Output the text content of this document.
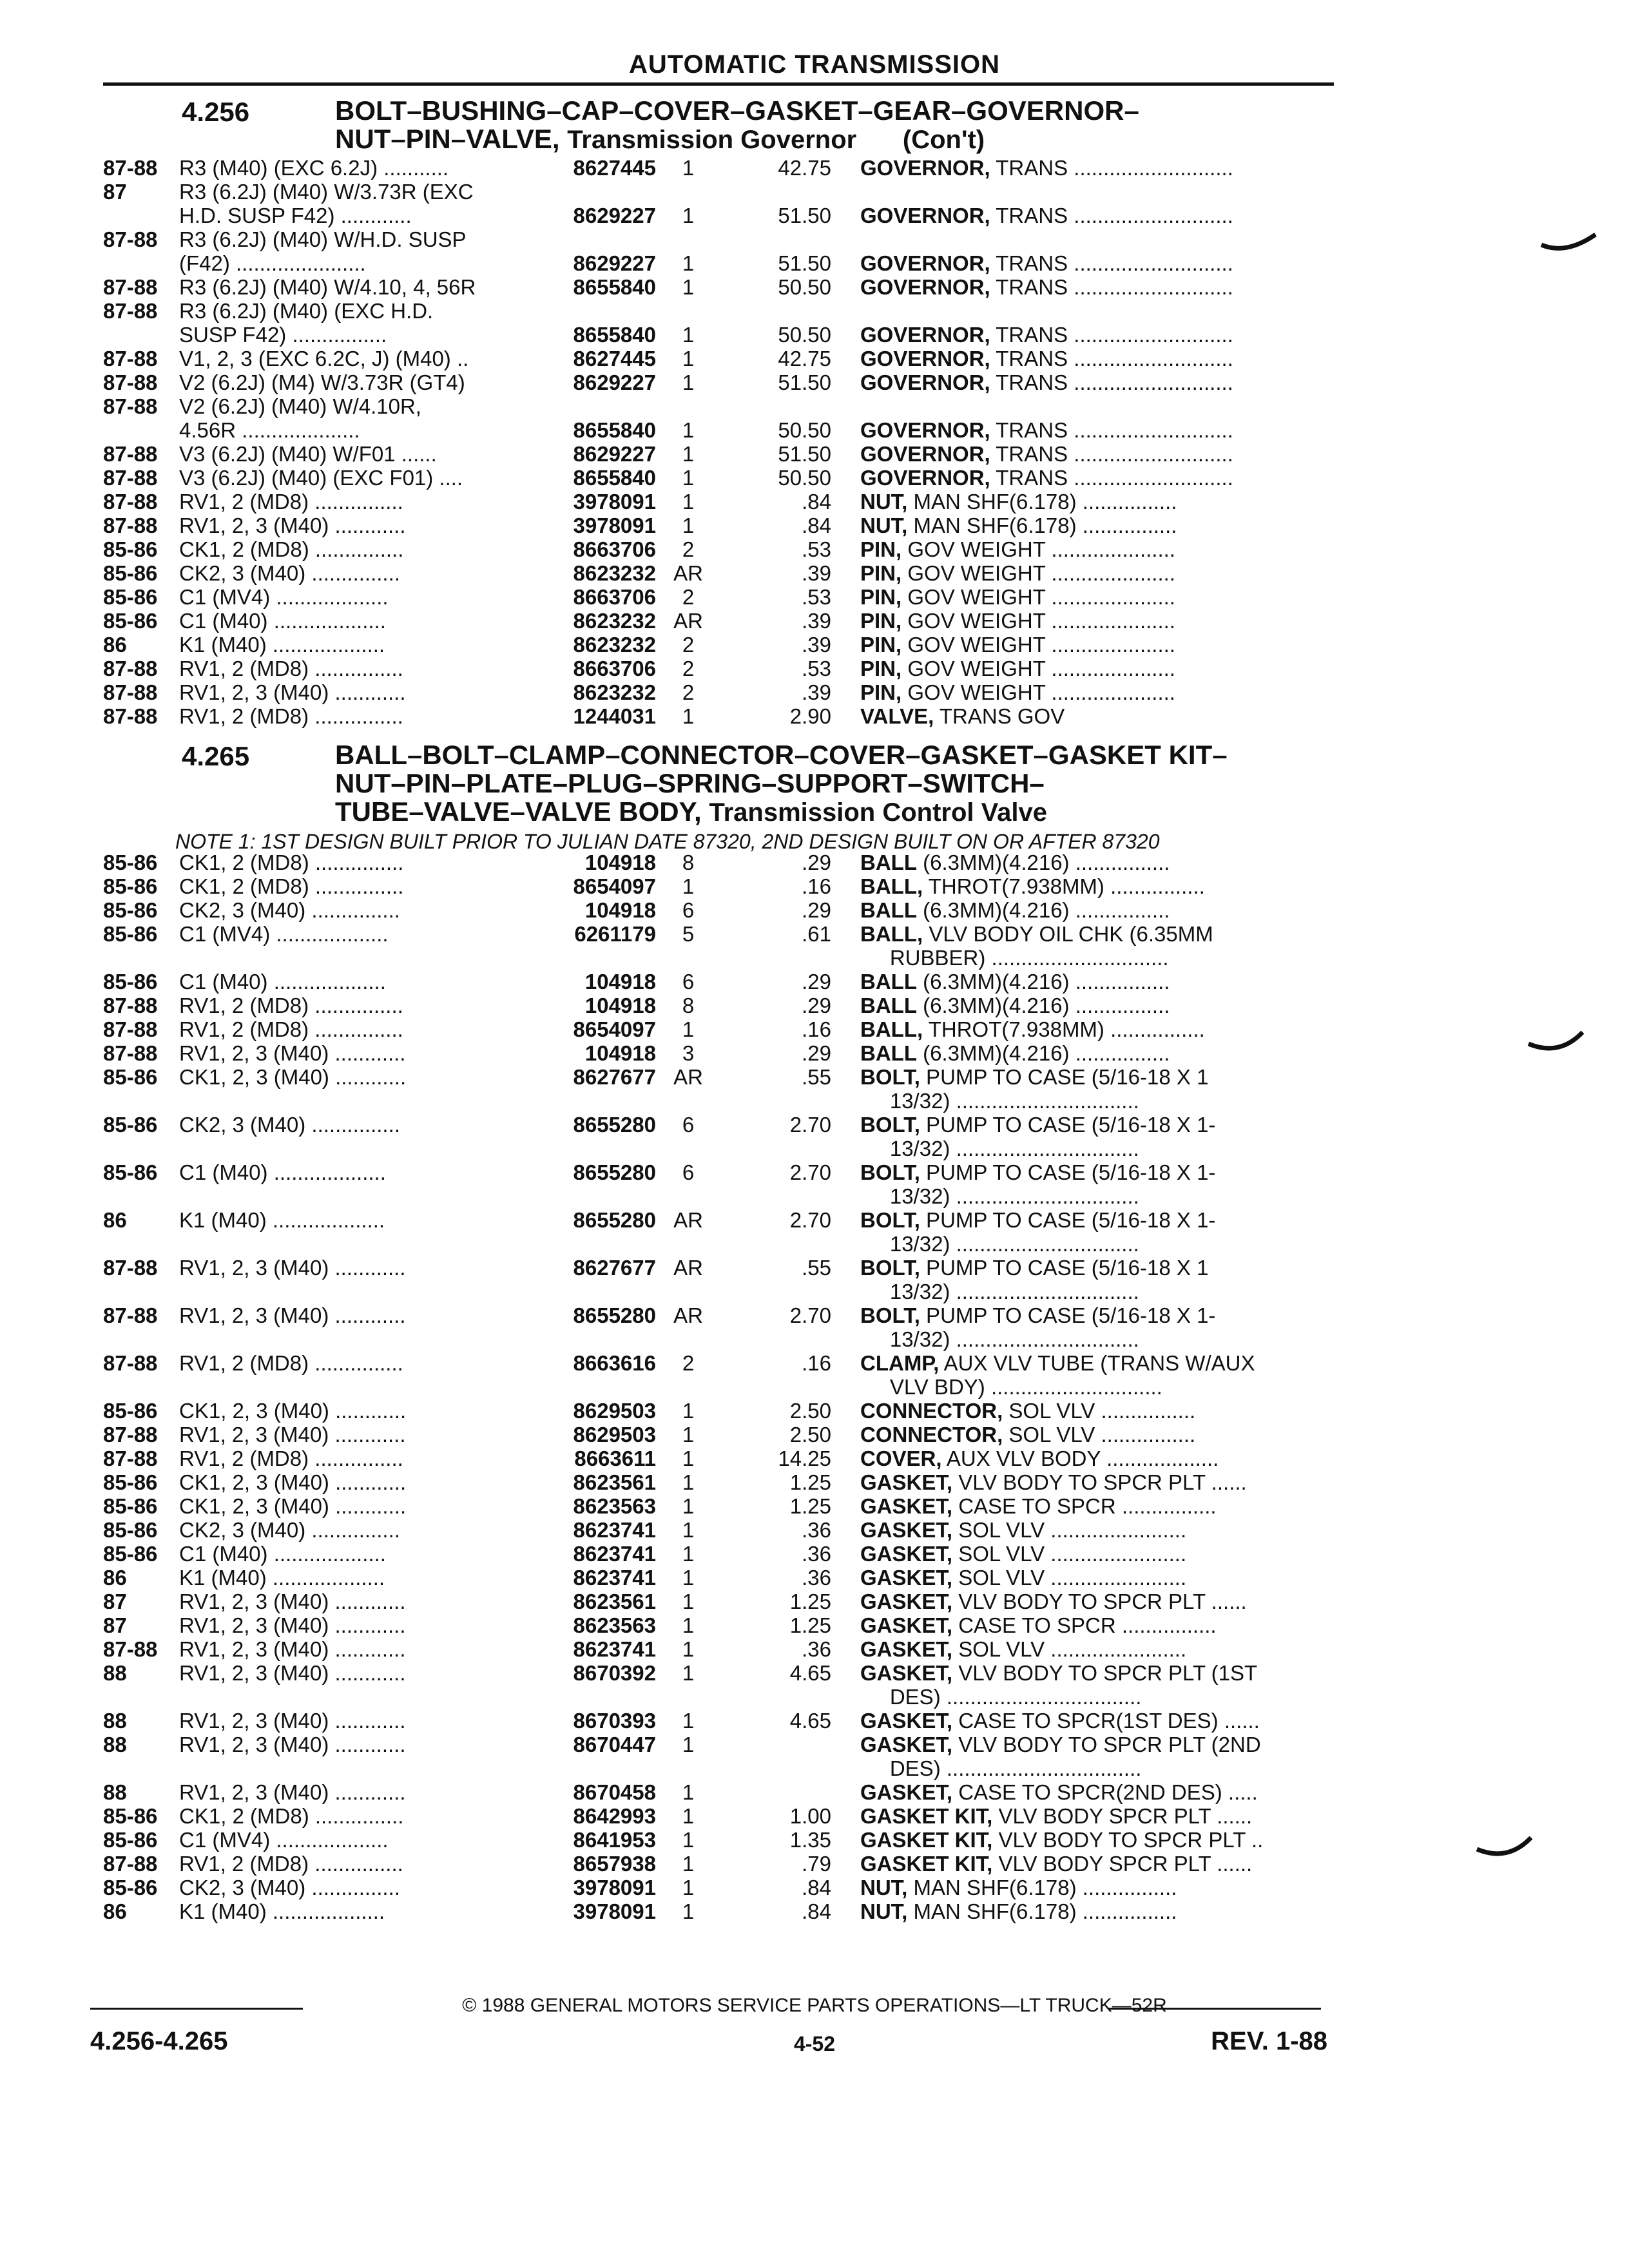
AUTOMATIC TRANSMISSION
4.256	BOLT–BUSHING–CAP–COVER–GASKET–GEAR–GOVERNOR–
NUT–PIN–VALVE, Transmission Governor (Con't)
87-88	R3 (M40) (EXC 6.2J) ...........	8627445	1	42.75 GOVERNOR, TRANS ...........................
87	R3 (6.2J) (M40) W/3.73R (EXC
H.D. SUSP F42) ............	8629227	1	51.50 GOVERNOR, TRANS ...........................
87-88	R3 (6.2J) (M40) W/H.D. SUSP
(F42) ......................	8629227	1	51.50 GOVERNOR, TRANS ...........................
87-88	R3 (6.2J) (M40) W/4.10, 4, 56R	8655840	1	50.50 GOVERNOR, TRANS ...........................
87-88	R3 (6.2J) (M40) (EXC H.D.
SUSP F42) ................	8655840	1	50.50 GOVERNOR, TRANS ...........................
87-88	V1, 2, 3 (EXC 6.2C, J) (M40) ..	8627445	1	42.75 GOVERNOR, TRANS ...........................
87-88	V2 (6.2J) (M4) W/3.73R (GT4)	8629227	1	51.50 GOVERNOR, TRANS ...........................
87-88	V2 (6.2J) (M40) W/4.10R,
4.56R ....................	8655840	1	50.50 GOVERNOR, TRANS ...........................
87-88	V3 (6.2J) (M40) W/F01 ......	8629227	1	51.50 GOVERNOR, TRANS ...........................
87-88	V3 (6.2J) (M40) (EXC F01) ....	8655840	1	50.50 GOVERNOR, TRANS ...........................
87-88	RV1, 2 (MD8) ...............	3978091	1	.84 NUT, MAN SHF(6.178) ................
87-88	RV1, 2, 3 (M40) ............	3978091	1	.84 NUT, MAN SHF(6.178) ................
85-86	CK1, 2 (MD8) ...............	8663706	2	.53 PIN, GOV WEIGHT .....................
85-86	CK2, 3 (M40) ...............	8623232 AR	.39 PIN, GOV WEIGHT .....................
85-86	C1 (MV4) ...................	8663706	2	.53 PIN, GOV WEIGHT .....................
85-86	C1 (M40) ...................	8623232 AR	.39 PIN, GOV WEIGHT .....................
86	K1 (M40) ...................	8623232	2	.39 PIN, GOV WEIGHT .....................
87-88	RV1, 2 (MD8) ...............	8663706	2	.53 PIN, GOV WEIGHT .....................
87-88	RV1, 2, 3 (M40) ............	8623232	2	.39 PIN, GOV WEIGHT .....................
87-88	RV1, 2 (MD8) ...............	1244031	1	2.90 VALVE, TRANS GOV
4.265	BALL–BOLT–CLAMP–CONNECTOR–COVER–GASKET–GASKET KIT–
NUT–PIN–PLATE–PLUG–SPRING–SUPPORT–SWITCH–
TUBE–VALVE–VALVE BODY, Transmission Control Valve
NOTE 1: 1ST DESIGN BUILT PRIOR TO JULIAN DATE 87320, 2ND DESIGN BUILT ON OR AFTER 87320
85-86	CK1, 2 (MD8) ...............	104918	8	.29 BALL (6.3MM)(4.216) ................
85-86	CK1, 2 (MD8) ...............	8654097	1	.16 BALL, THROT(7.938MM) ................
85-86	CK2, 3 (M40) ...............	104918	6	.29 BALL (6.3MM)(4.216) ................
85-86	C1 (MV4) ...................	6261179	5	.61 BALL, VLV BODY OIL CHK (6.35MM
RUBBER) ..............................
85-86	C1 (M40) ...................	104918	6	.29 BALL (6.3MM)(4.216) ................
87-88	RV1, 2 (MD8) ...............	104918	8	.29 BALL (6.3MM)(4.216) ................
87-88	RV1, 2 (MD8) ...............	8654097	1	.16 BALL, THROT(7.938MM) ................
87-88	RV1, 2, 3 (M40) ............	104918	3	.29 BALL (6.3MM)(4.216) ................
85-86	CK1, 2, 3 (M40) ............	8627677 AR	.55 BOLT, PUMP TO CASE (5/16-18 X 1
13/32) ...............................
85-86	CK2, 3 (M40) ...............	8655280	6	2.70 BOLT, PUMP TO CASE (5/16-18 X 1-
13/32) ...............................
85-86	C1 (M40) ...................	8655280	6	2.70 BOLT, PUMP TO CASE (5/16-18 X 1-
13/32) ...............................
86	K1 (M40) ...................	8655280 AR	2.70 BOLT, PUMP TO CASE (5/16-18 X 1-
13/32) ...............................
87-88	RV1, 2, 3 (M40) ............	8627677 AR	.55 BOLT, PUMP TO CASE (5/16-18 X 1
13/32) ...............................
87-88	RV1, 2, 3 (M40) ............	8655280 AR	2.70 BOLT, PUMP TO CASE (5/16-18 X 1-
13/32) ...............................
87-88	RV1, 2 (MD8) ...............	8663616	2	.16 CLAMP, AUX VLV TUBE (TRANS W/AUX
VLV BDY) .............................
85-86	CK1, 2, 3 (M40) ............	8629503	1	2.50 CONNECTOR, SOL VLV ................
87-88	RV1, 2, 3 (M40) ............	8629503	1	2.50 CONNECTOR, SOL VLV ................
87-88	RV1, 2 (MD8) ...............	8663611	1	14.25 COVER, AUX VLV BODY ...................
85-86	CK1, 2, 3 (M40) ............	8623561	1	1.25 GASKET, VLV BODY TO SPCR PLT ......
85-86	CK1, 2, 3 (M40) ............	8623563	1	1.25 GASKET, CASE TO SPCR ................
85-86	CK2, 3 (M40) ...............	8623741	1	.36 GASKET, SOL VLV .......................
85-86	C1 (M40) ...................	8623741	1	.36 GASKET, SOL VLV .......................
86	K1 (M40) ...................	8623741	1	.36 GASKET, SOL VLV .......................
87	RV1, 2, 3 (M40) ............	8623561	1	1.25 GASKET, VLV BODY TO SPCR PLT ......
87	RV1, 2, 3 (M40) ............	8623563	1	1.25 GASKET, CASE TO SPCR ................
87-88	RV1, 2, 3 (M40) ............	8623741	1	.36 GASKET, SOL VLV .......................
88	RV1, 2, 3 (M40) ............	8670392	1	4.65 GASKET, VLV BODY TO SPCR PLT (1ST
DES) .................................
88	RV1, 2, 3 (M40) ............	8670393	1	4.65 GASKET, CASE TO SPCR(1ST DES) ......
88	RV1, 2, 3 (M40) ............	8670447	1	GASKET, VLV BODY TO SPCR PLT (2ND
DES) .................................
88	RV1, 2, 3 (M40) ............	8670458	1	GASKET, CASE TO SPCR(2ND DES) .....
85-86	CK1, 2 (MD8) ...............	8642993	1	1.00 GASKET KIT, VLV BODY SPCR PLT ......
85-86	C1 (MV4) ...................	8641953	1	1.35 GASKET KIT, VLV BODY TO SPCR PLT ..
87-88	RV1, 2 (MD8) ...............	8657938	1	.79 GASKET KIT, VLV BODY SPCR PLT ......
85-86	CK2, 3 (M40) ...............	3978091	1	.84 NUT, MAN SHF(6.178) ................
86	K1 (M40) ...................	3978091	1	.84 NUT, MAN SHF(6.178) ................
© 1988 GENERAL MOTORS SERVICE PARTS OPERATIONS—LT TRUCK—52R
4.256-4.265	4-52	REV. 1-88
